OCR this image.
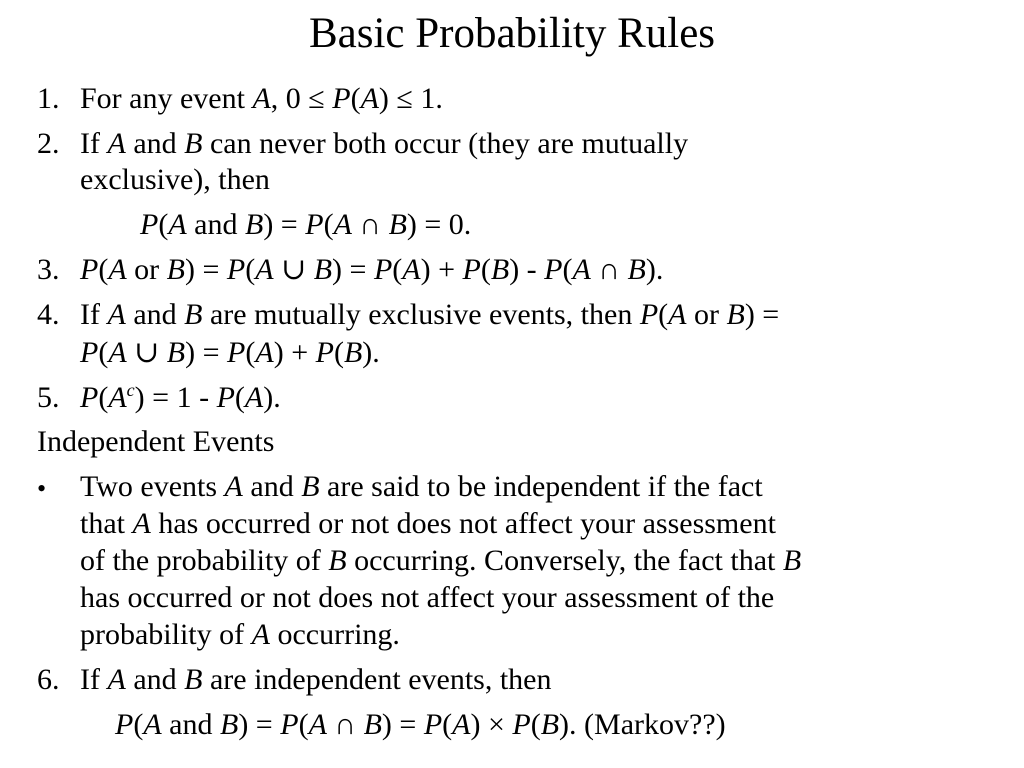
Basic Probability Rules
1. For any event A, 0 ≤ P(A) ≤ 1.
2. If A and B can never both occur (they are mutually
exclusive), then
P(A and B) = P(A ∩ B) = 0.
3. P(A or B) = P(A ∪ B) = P(A) + P(B) - P(A ∩ B).
4. If A and B are mutually exclusive events, then P(A or B) =
P(A ∪ B) = P(A) + P(B).
5. $P(A^c) = 1 - P(A)$.
Independent Events
• Two events A and B are said to be independent if the fact
that A has occurred or not does not affect your assessment
of the probability of B occurring. Conversely, the fact that B
has occurred or not does not affect your assessment of the
probability of A occurring.
6. If A and B are independent events, then
P(A and B) = P(A ∩ B) = P(A) × P(B). (Markov??)
